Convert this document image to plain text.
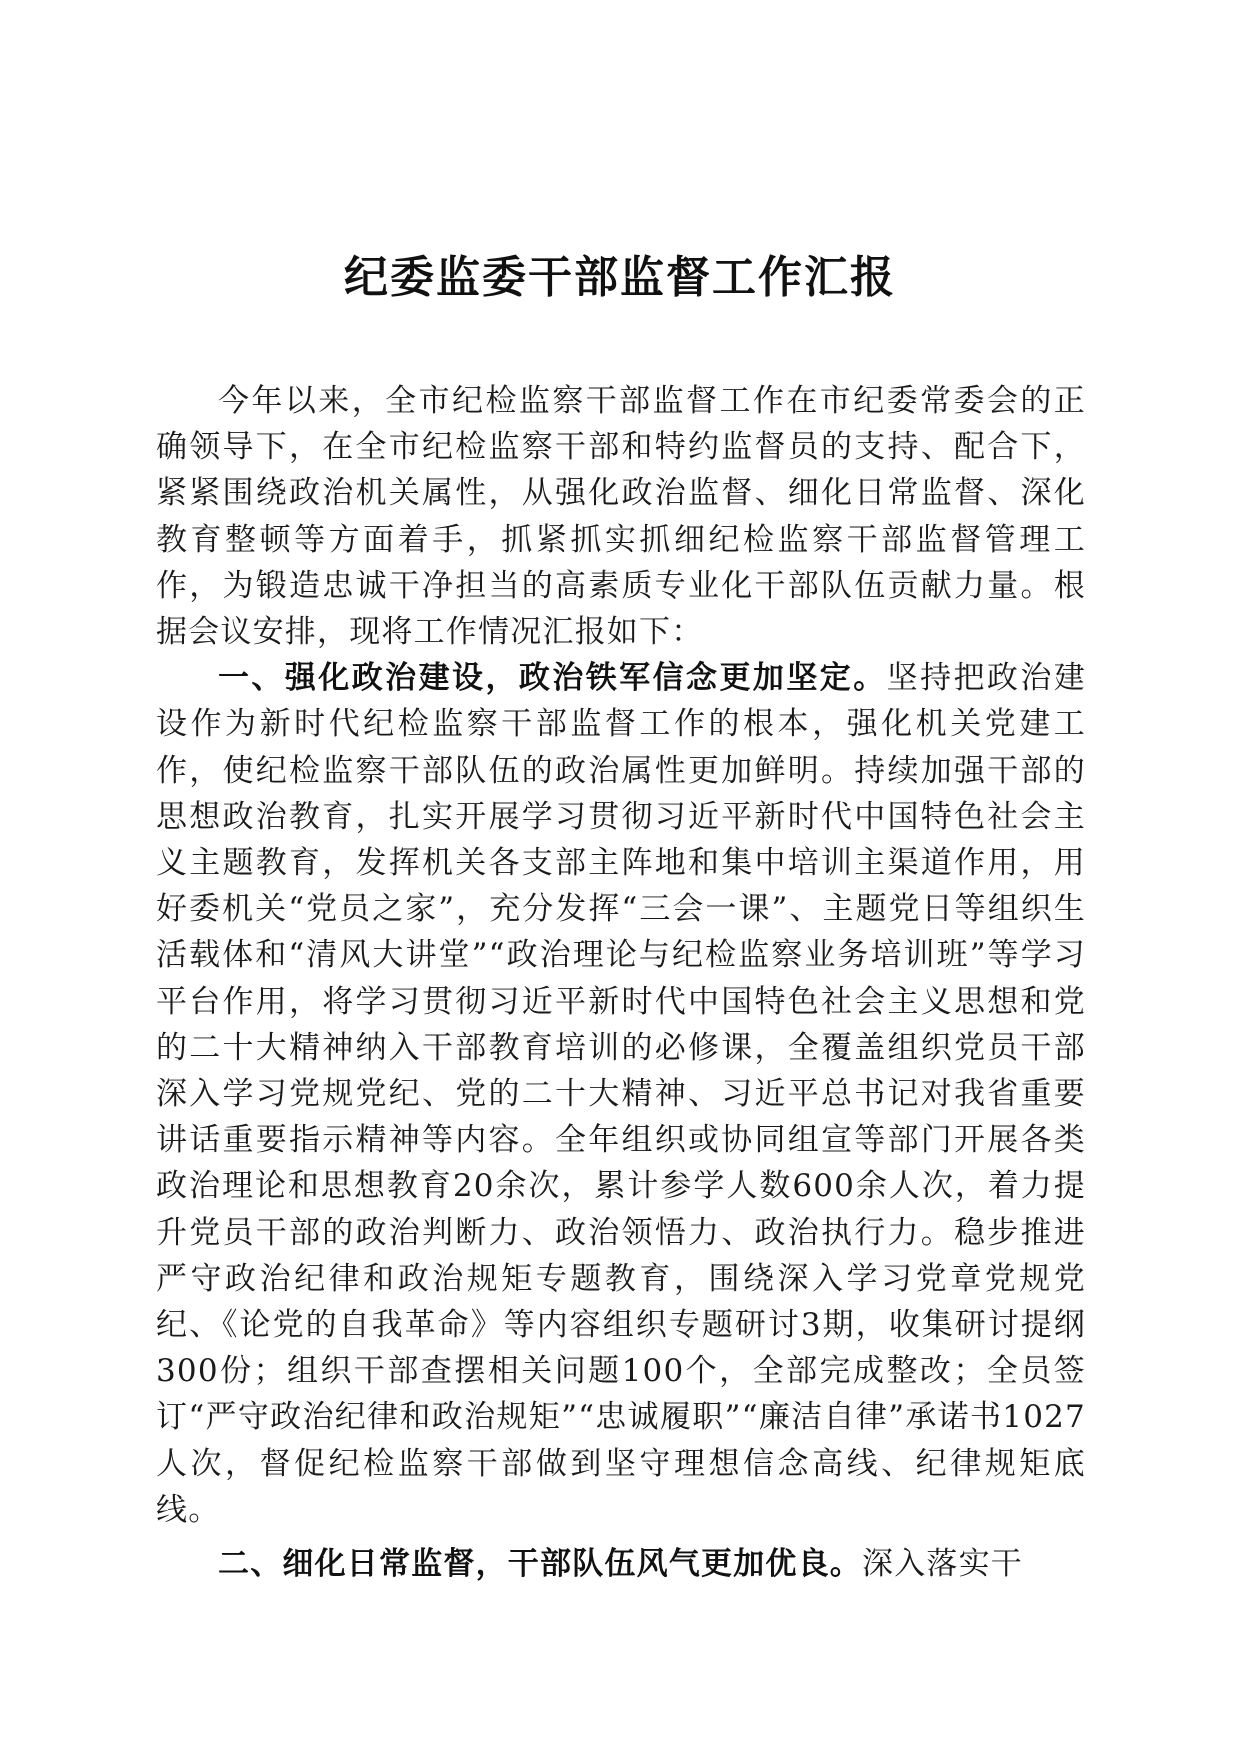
纪委监委干部监督工作汇报

今年以来，全市纪检监察干部监督工作在市纪委常委会的正确领导下，在全市纪检监察干部和特约监督员的支持、配合下，紧紧围绕政治机关属性，从强化政治监督、细化日常监督、深化教育整顿等方面着手，抓紧抓实抓细纪检监察干部监督管理工作，为锻造忠诚干净担当的高素质专业化干部队伍贡献力量。根据会议安排，现将工作情况汇报如下：

一、强化政治建设，政治铁军信念更加坚定。坚持把政治建设作为新时代纪检监察干部监督工作的根本，强化机关党建工作，使纪检监察干部队伍的政治属性更加鲜明。持续加强干部的思想政治教育，扎实开展学习贯彻习近平新时代中国特色社会主义主题教育，发挥机关各支部主阵地和集中培训主渠道作用，用好委机关“党员之家”，充分发挥“三会一课”、主题党日等组织生活载体和“清风大讲堂”“政治理论与纪检监察业务培训班”等学习平台作用，将学习贯彻习近平新时代中国特色社会主义思想和党的二十大精神纳入干部教育培训的必修课，全覆盖组织党员干部深入学习党规党纪、党的二十大精神、习近平总书记对我省重要讲话重要指示精神等内容。全年组织或协同组宣等部门开展各类政治理论和思想教育20余次，累计参学人数600余人次，着力提升党员干部的政治判断力、政治领悟力、政治执行力。稳步推进严守政治纪律和政治规矩专题教育，围绕深入学习党章党规党纪、《论党的自我革命》等内容组织专题研讨3期，收集研讨提纲300份；组织干部查摆相关问题100个，全部完成整改；全员签订“严守政治纪律和政治规矩”“忠诚履职”“廉洁自律”承诺书1027人次，督促纪检监察干部做到坚守理想信念高线、纪律规矩底线。

二、细化日常监督，干部队伍风气更加优良。深入落实干
